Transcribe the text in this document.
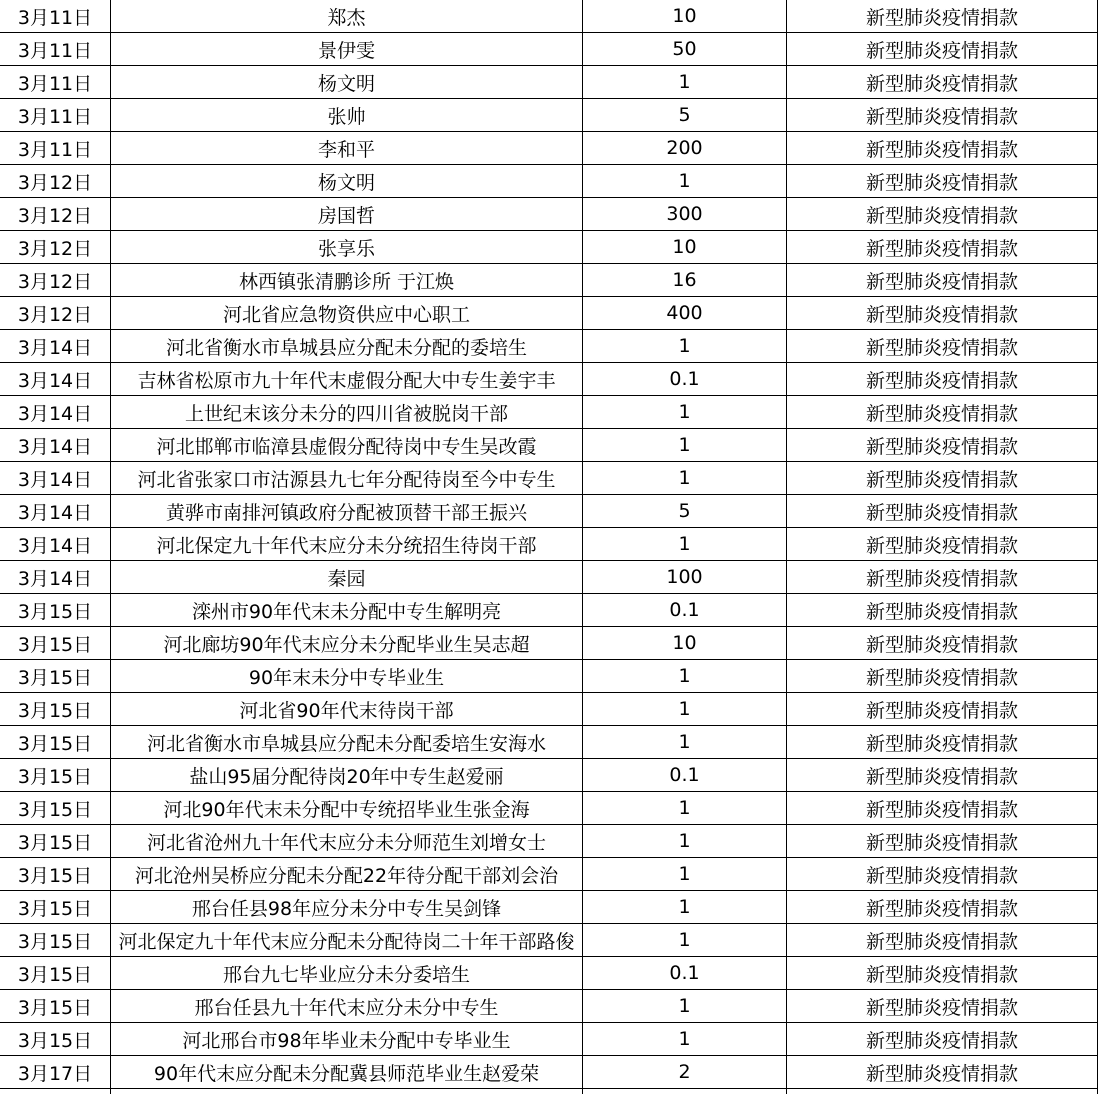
3月11日	郑杰	10	新型肺炎疫情捐款
3月11日	景伊雯	50	新型肺炎疫情捐款
3月11日	杨文明	1	新型肺炎疫情捐款
3月11日	张帅	5	新型肺炎疫情捐款
3月11日	李和平	200	新型肺炎疫情捐款
3月12日	杨文明	1	新型肺炎疫情捐款
3月12日	房国哲	300	新型肺炎疫情捐款
3月12日	张享乐	10	新型肺炎疫情捐款
3月12日	林西镇张清鹏诊所 于江焕	16	新型肺炎疫情捐款
3月12日	河北省应急物资供应中心职工	400	新型肺炎疫情捐款
3月14日	河北省衡水市阜城县应分配未分配的委培生	1	新型肺炎疫情捐款
3月14日	吉林省松原市九十年代末虚假分配大中专生姜宇丰	0.1	新型肺炎疫情捐款
3月14日	上世纪末该分未分的四川省被脱岗干部	1	新型肺炎疫情捐款
3月14日	河北邯郸市临漳县虚假分配待岗中专生吴改霞	1	新型肺炎疫情捐款
3月14日	河北省张家口市沽源县九七年分配待岗至今中专生	1	新型肺炎疫情捐款
3月14日	黄骅市南排河镇政府分配被顶替干部王振兴	5	新型肺炎疫情捐款
3月14日	河北保定九十年代末应分未分统招生待岗干部	1	新型肺炎疫情捐款
3月14日	秦园	100	新型肺炎疫情捐款
3月15日	滦州市90年代末未分配中专生解明亮	0.1	新型肺炎疫情捐款
3月15日	河北廊坊90年代末应分未分配毕业生吴志超	10	新型肺炎疫情捐款
3月15日	90年末未分中专毕业生	1	新型肺炎疫情捐款
3月15日	河北省90年代末待岗干部	1	新型肺炎疫情捐款
3月15日	河北省衡水市阜城县应分配未分配委培生安海水	1	新型肺炎疫情捐款
3月15日	盐山95届分配待岗20年中专生赵爱丽	0.1	新型肺炎疫情捐款
3月15日	河北90年代末未分配中专统招毕业生张金海	1	新型肺炎疫情捐款
3月15日	河北省沧州九十年代末应分未分师范生刘增女士	1	新型肺炎疫情捐款
3月15日	河北沧州吴桥应分配未分配22年待分配干部刘会治	1	新型肺炎疫情捐款
3月15日	邢台任县98年应分未分中专生吴剑锋	1	新型肺炎疫情捐款
3月15日	河北保定九十年代末应分配未分配待岗二十年干部路俊	1	新型肺炎疫情捐款
3月15日	邢台九七毕业应分未分委培生	0.1	新型肺炎疫情捐款
3月15日	邢台任县九十年代末应分未分中专生	1	新型肺炎疫情捐款
3月15日	河北邢台市98年毕业未分配中专毕业生	1	新型肺炎疫情捐款
3月17日	90年代末应分配未分配冀县师范毕业生赵爱荣	2	新型肺炎疫情捐款
